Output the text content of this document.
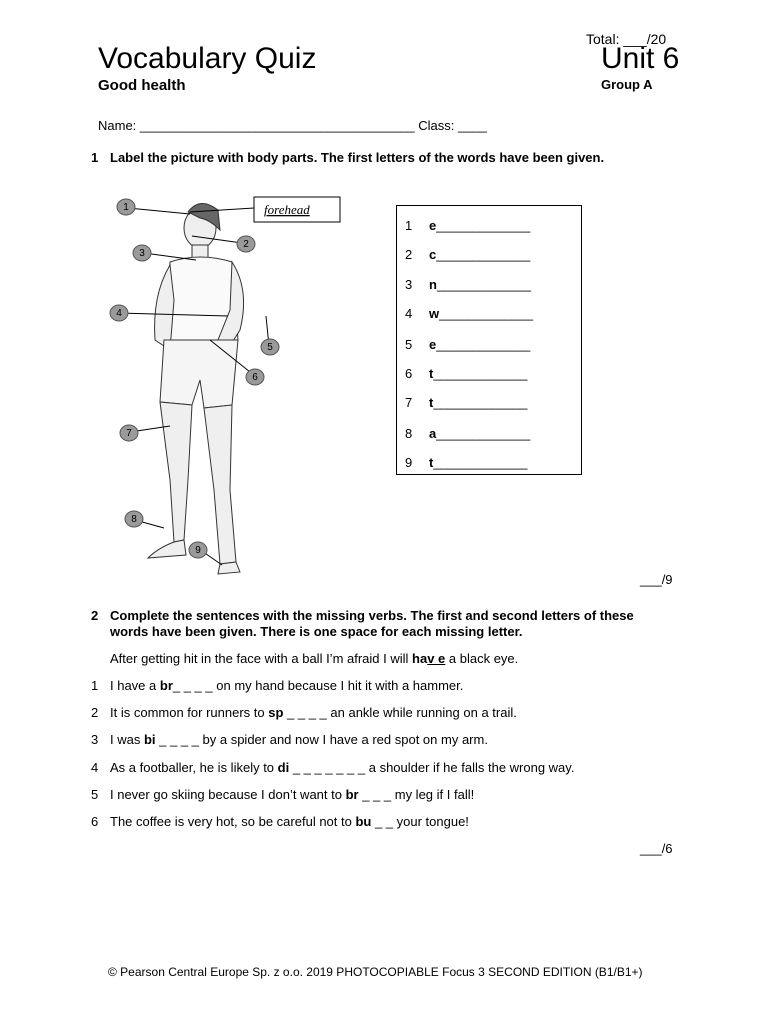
Total: ___/20
Vocabulary Quiz	Unit 6
Good health	Group A
Name: ______________________________________ Class: ____
1 Label the picture with body parts. The first letters of the words have been given.
1
2
3
4
5
6
7
8
9
forehead
1 e_____________
2 c_____________
3 n_____________
4 w_____________
5 e_____________
6 t_____________
7 t_____________
8 a_____________
9 t_____________
___/9
2 Complete the sentences with the missing verbs. The first and second letters of these words have been given. There is one space for each missing letter.
After getting hit in the face with a ball I’m afraid I will hav e a black eye.
1 I have a br_ _ _ _ on my hand because I hit it with a hammer.
2 It is common for runners to sp _ _ _ _ an ankle while running on a trail.
3 I was bi _ _ _ _ by a spider and now I have a red spot on my arm.
4 As a footballer, he is likely to di _ _ _ _ _ _ _ a shoulder if he falls the wrong way.
5 I never go skiing because I don’t want to br _ _ _ my leg if I fall!
6 The coffee is very hot, so be careful not to bu _ _ your tongue!
___/6
© Pearson Central Europe Sp. z o.o. 2019 PHOTOCOPIABLE Focus 3 SECOND EDITION (B1/B1+)
